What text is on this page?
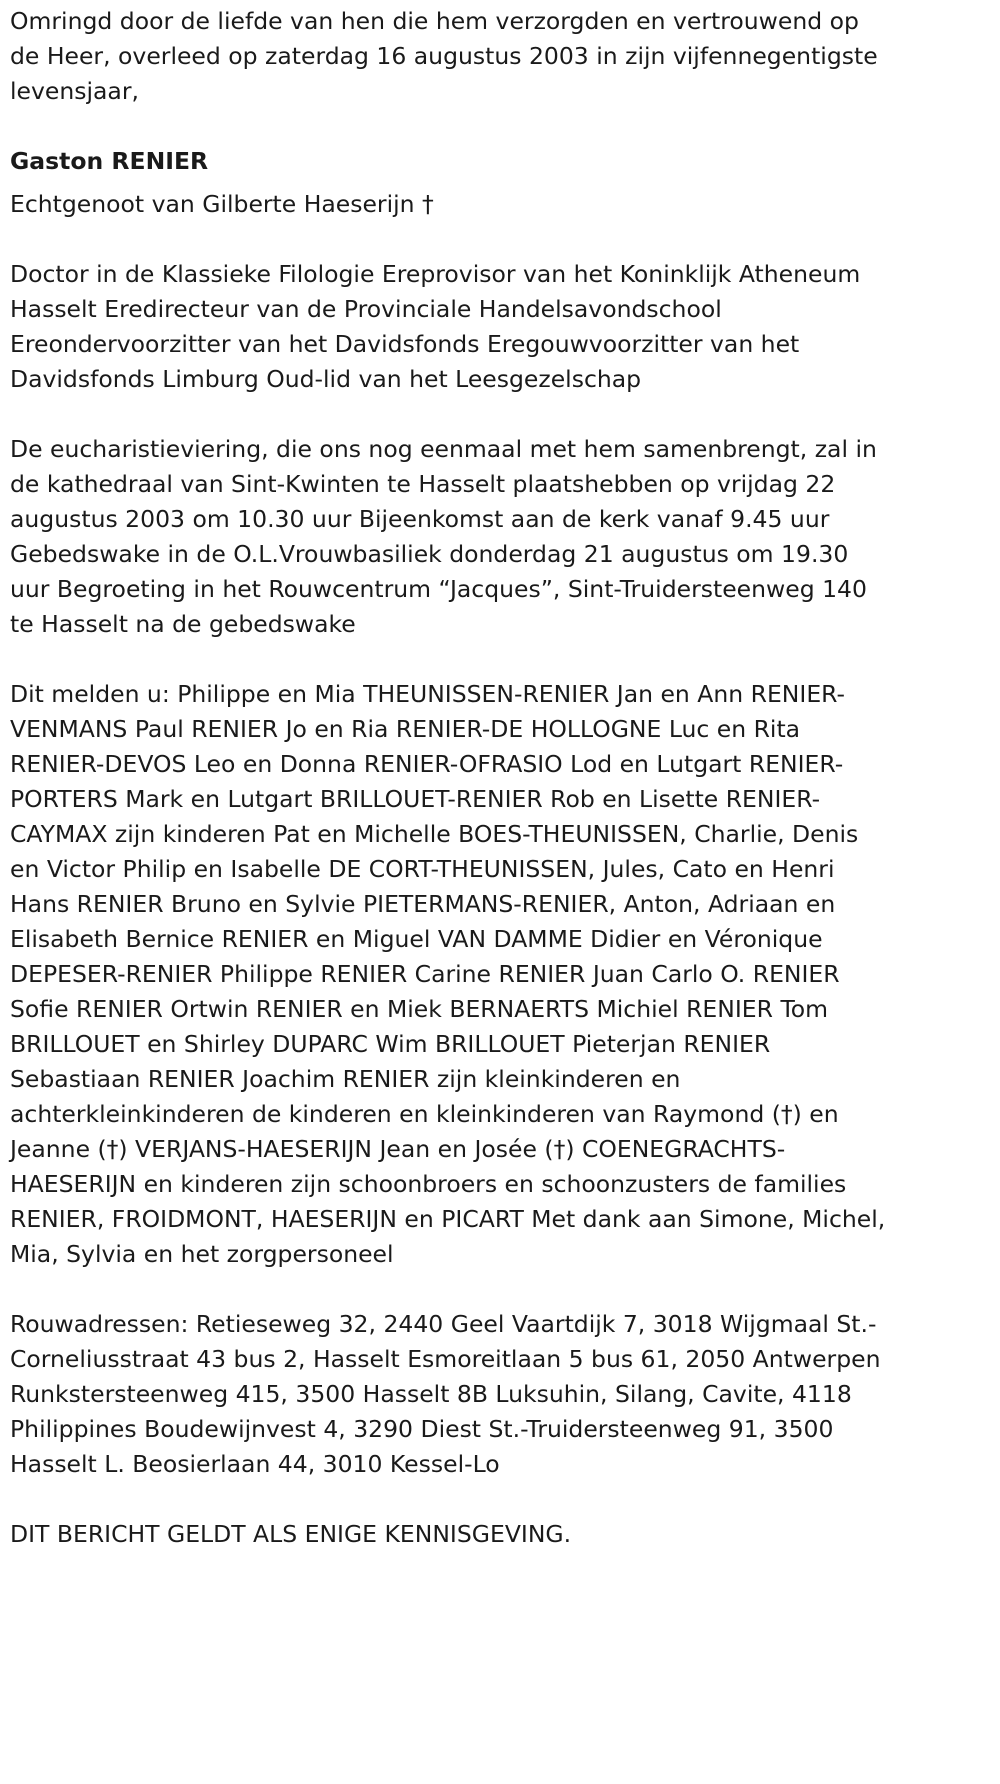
Omringd door de liefde van hen die hem verzorgden en vertrouwend op de Heer, overleed op zaterdag 16 augustus 2003 in zijn vijfennegentigste levensjaar,

Gaston RENIER

Echtgenoot van Gilberte Haeserijn †

Doctor in de Klassieke Filologie Ereprovisor van het Koninklijk Atheneum Hasselt Eredirecteur van de Provinciale Handelsavondschool Ereondervoorzitter van het Davidsfonds Eregouwvoorzitter van het Davidsfonds Limburg Oud-lid van het Leesgezelschap

De eucharistieviering, die ons nog eenmaal met hem samenbrengt, zal in de kathedraal van Sint-Kwinten te Hasselt plaatshebben op vrijdag 22 augustus 2003 om 10.30 uur Bijeenkomst aan de kerk vanaf 9.45 uur Gebedswake in de O.L.Vrouwbasiliek donderdag 21 augustus om 19.30 uur Begroeting in het Rouwcentrum “Jacques”, Sint-Truidersteenweg 140 te Hasselt na de gebedswake

Dit melden u: Philippe en Mia THEUNISSEN-RENIER Jan en Ann RENIER-VENMANS Paul RENIER Jo en Ria RENIER-DE HOLLOGNE Luc en Rita RENIER-DEVOS Leo en Donna RENIER-OFRASIO Lod en Lutgart RENIER-PORTERS Mark en Lutgart BRILLOUET-RENIER Rob en Lisette RENIER-CAYMAX zijn kinderen Pat en Michelle BOES-THEUNISSEN, Charlie, Denis en Victor Philip en Isabelle DE CORT-THEUNISSEN, Jules, Cato en Henri Hans RENIER Bruno en Sylvie PIETERMANS-RENIER, Anton, Adriaan en Elisabeth Bernice RENIER en Miguel VAN DAMME Didier en Véronique DEPESER-RENIER Philippe RENIER Carine RENIER Juan Carlo O. RENIER Sofie RENIER Ortwin RENIER en Miek BERNAERTS Michiel RENIER Tom BRILLOUET en Shirley DUPARC Wim BRILLOUET Pieterjan RENIER Sebastiaan RENIER Joachim RENIER zijn kleinkinderen en achterkleinkinderen de kinderen en kleinkinderen van Raymond (†) en Jeanne (†) VERJANS-HAESERIJN Jean en Josée (†) COENEGRACHTS-HAESERIJN en kinderen zijn schoonbroers en schoonzusters de families RENIER, FROIDMONT, HAESERIJN en PICART Met dank aan Simone, Michel, Mia, Sylvia en het zorgpersoneel

Rouwadressen: Retieseweg 32, 2440 Geel Vaartdijk 7, 3018 Wijgmaal St.-Corneliusstraat 43 bus 2, Hasselt Esmoreitlaan 5 bus 61, 2050 Antwerpen Runkstersteenweg 415, 3500 Hasselt 8B Luksuhin, Silang, Cavite, 4118 Philippines Boudewijnvest 4, 3290 Diest St.-Truidersteenweg 91, 3500 Hasselt L. Beosierlaan 44, 3010 Kessel-Lo

DIT BERICHT GELDT ALS ENIGE KENNISGEVING.
